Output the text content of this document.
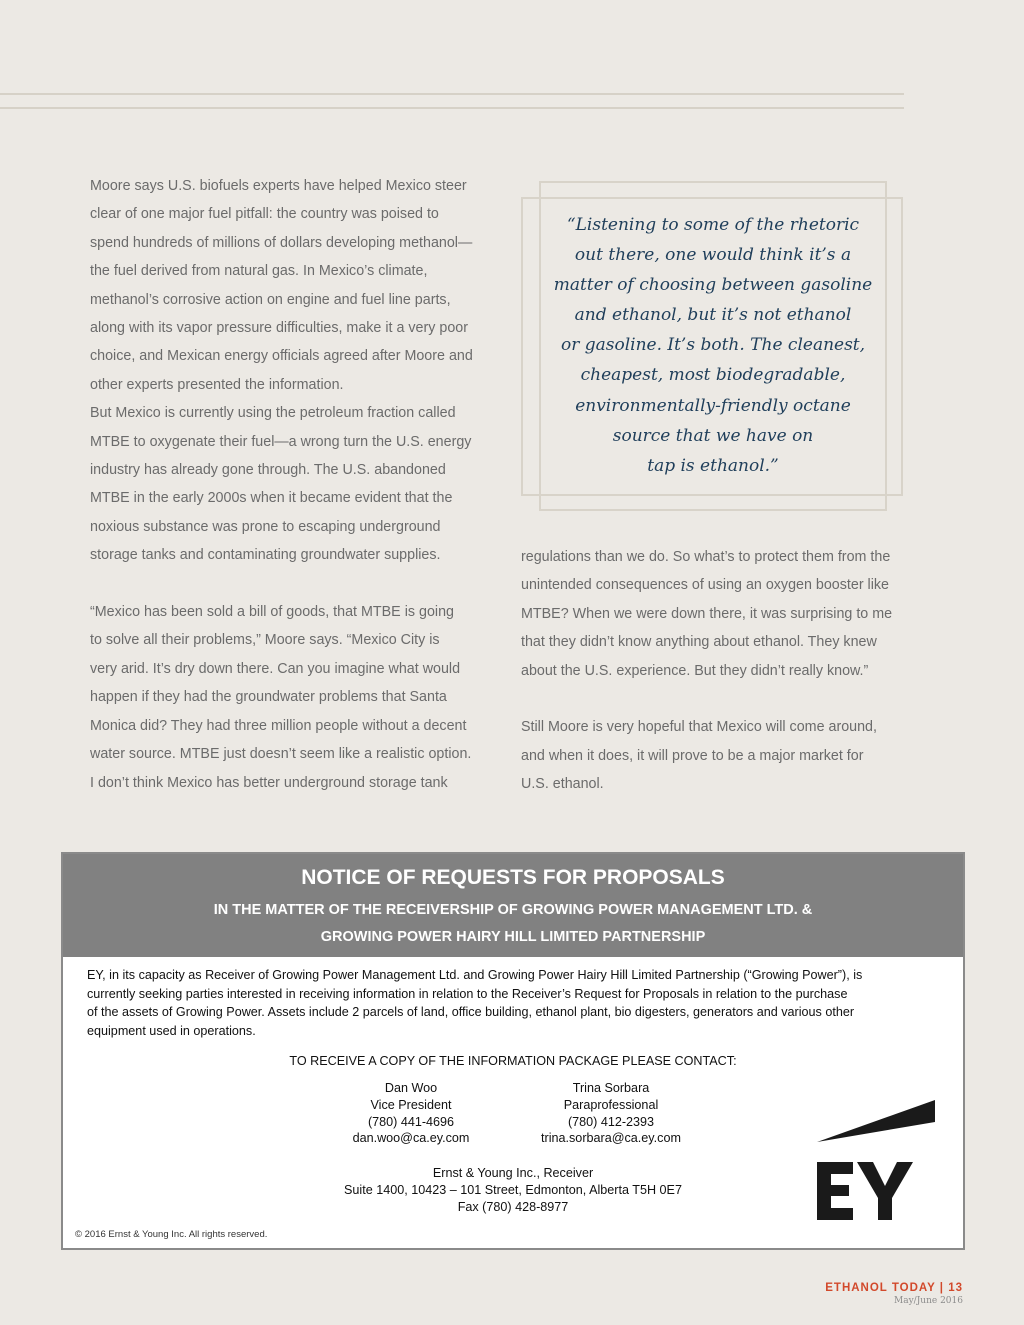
Moore says U.S. biofuels experts have helped Mexico steer

clear of one major fuel pitfall: the country was poised to

spend hundreds of millions of dollars developing methanol—

the fuel derived from natural gas. In Mexico’s climate,

methanol’s corrosive action on engine and fuel line parts,

along with its vapor pressure difficulties, make it a very poor

choice, and Mexican energy officials agreed after Moore and

other experts presented the information.

But Mexico is currently using the petroleum fraction called

MTBE to oxygenate their fuel—a wrong turn the U.S. energy

industry has already gone through. The U.S. abandoned

MTBE in the early 2000s when it became evident that the

noxious substance was prone to escaping underground

storage tanks and contaminating groundwater supplies.

“Mexico has been sold a bill of goods, that MTBE is going

to solve all their problems,” Moore says. “Mexico City is

very arid. It’s dry down there. Can you imagine what would

happen if they had the groundwater problems that Santa

Monica did? They had three million people without a decent

water source. MTBE just doesn’t seem like a realistic option.

I don’t think Mexico has better underground storage tank

“Listening to some of the rhetoric
out there, one would think it’s a
matter of choosing between gasoline
and ethanol, but it’s not ethanol
or gasoline. It’s both. The cleanest,
cheapest, most biodegradable,
environmentally-friendly octane
source that we have on
tap is ethanol.”

regulations than we do. So what’s to protect them from the

unintended consequences of using an oxygen booster like

MTBE? When we were down there, it was surprising to me

that they didn’t know anything about ethanol. They knew

about the U.S. experience. But they didn’t really know.”

Still Moore is very hopeful that Mexico will come around,

and when it does, it will prove to be a major market for

U.S. ethanol.

NOTICE OF REQUESTS FOR PROPOSALS
IN THE MATTER OF THE RECEIVERSHIP OF GROWING POWER MANAGEMENT LTD. &
GROWING POWER HAIRY HILL LIMITED PARTNERSHIP
EY, in its capacity as Receiver of Growing Power Management Ltd. and Growing Power Hairy Hill Limited Partnership (“Growing Power”), is
currently seeking parties interested in receiving information in relation to the Receiver’s Request for Proposals in relation to the purchase
of the assets of Growing Power. Assets include 2 parcels of land, office building, ethanol plant, bio digesters, generators and various other
equipment used in operations.
TO RECEIVE A COPY OF THE INFORMATION PACKAGE PLEASE CONTACT:
Dan Woo
Vice President
(780) 441-4696
dan.woo@ca.ey.com
Trina Sorbara
Paraprofessional
(780) 412-2393
trina.sorbara@ca.ey.com
Ernst & Young Inc., Receiver
Suite 1400, 10423 – 101 Street, Edmonton, Alberta T5H 0E7
Fax (780) 428-8977
© 2016 Ernst & Young Inc. All rights reserved.
ETHANOL TODAY | 13
May/June 2016
